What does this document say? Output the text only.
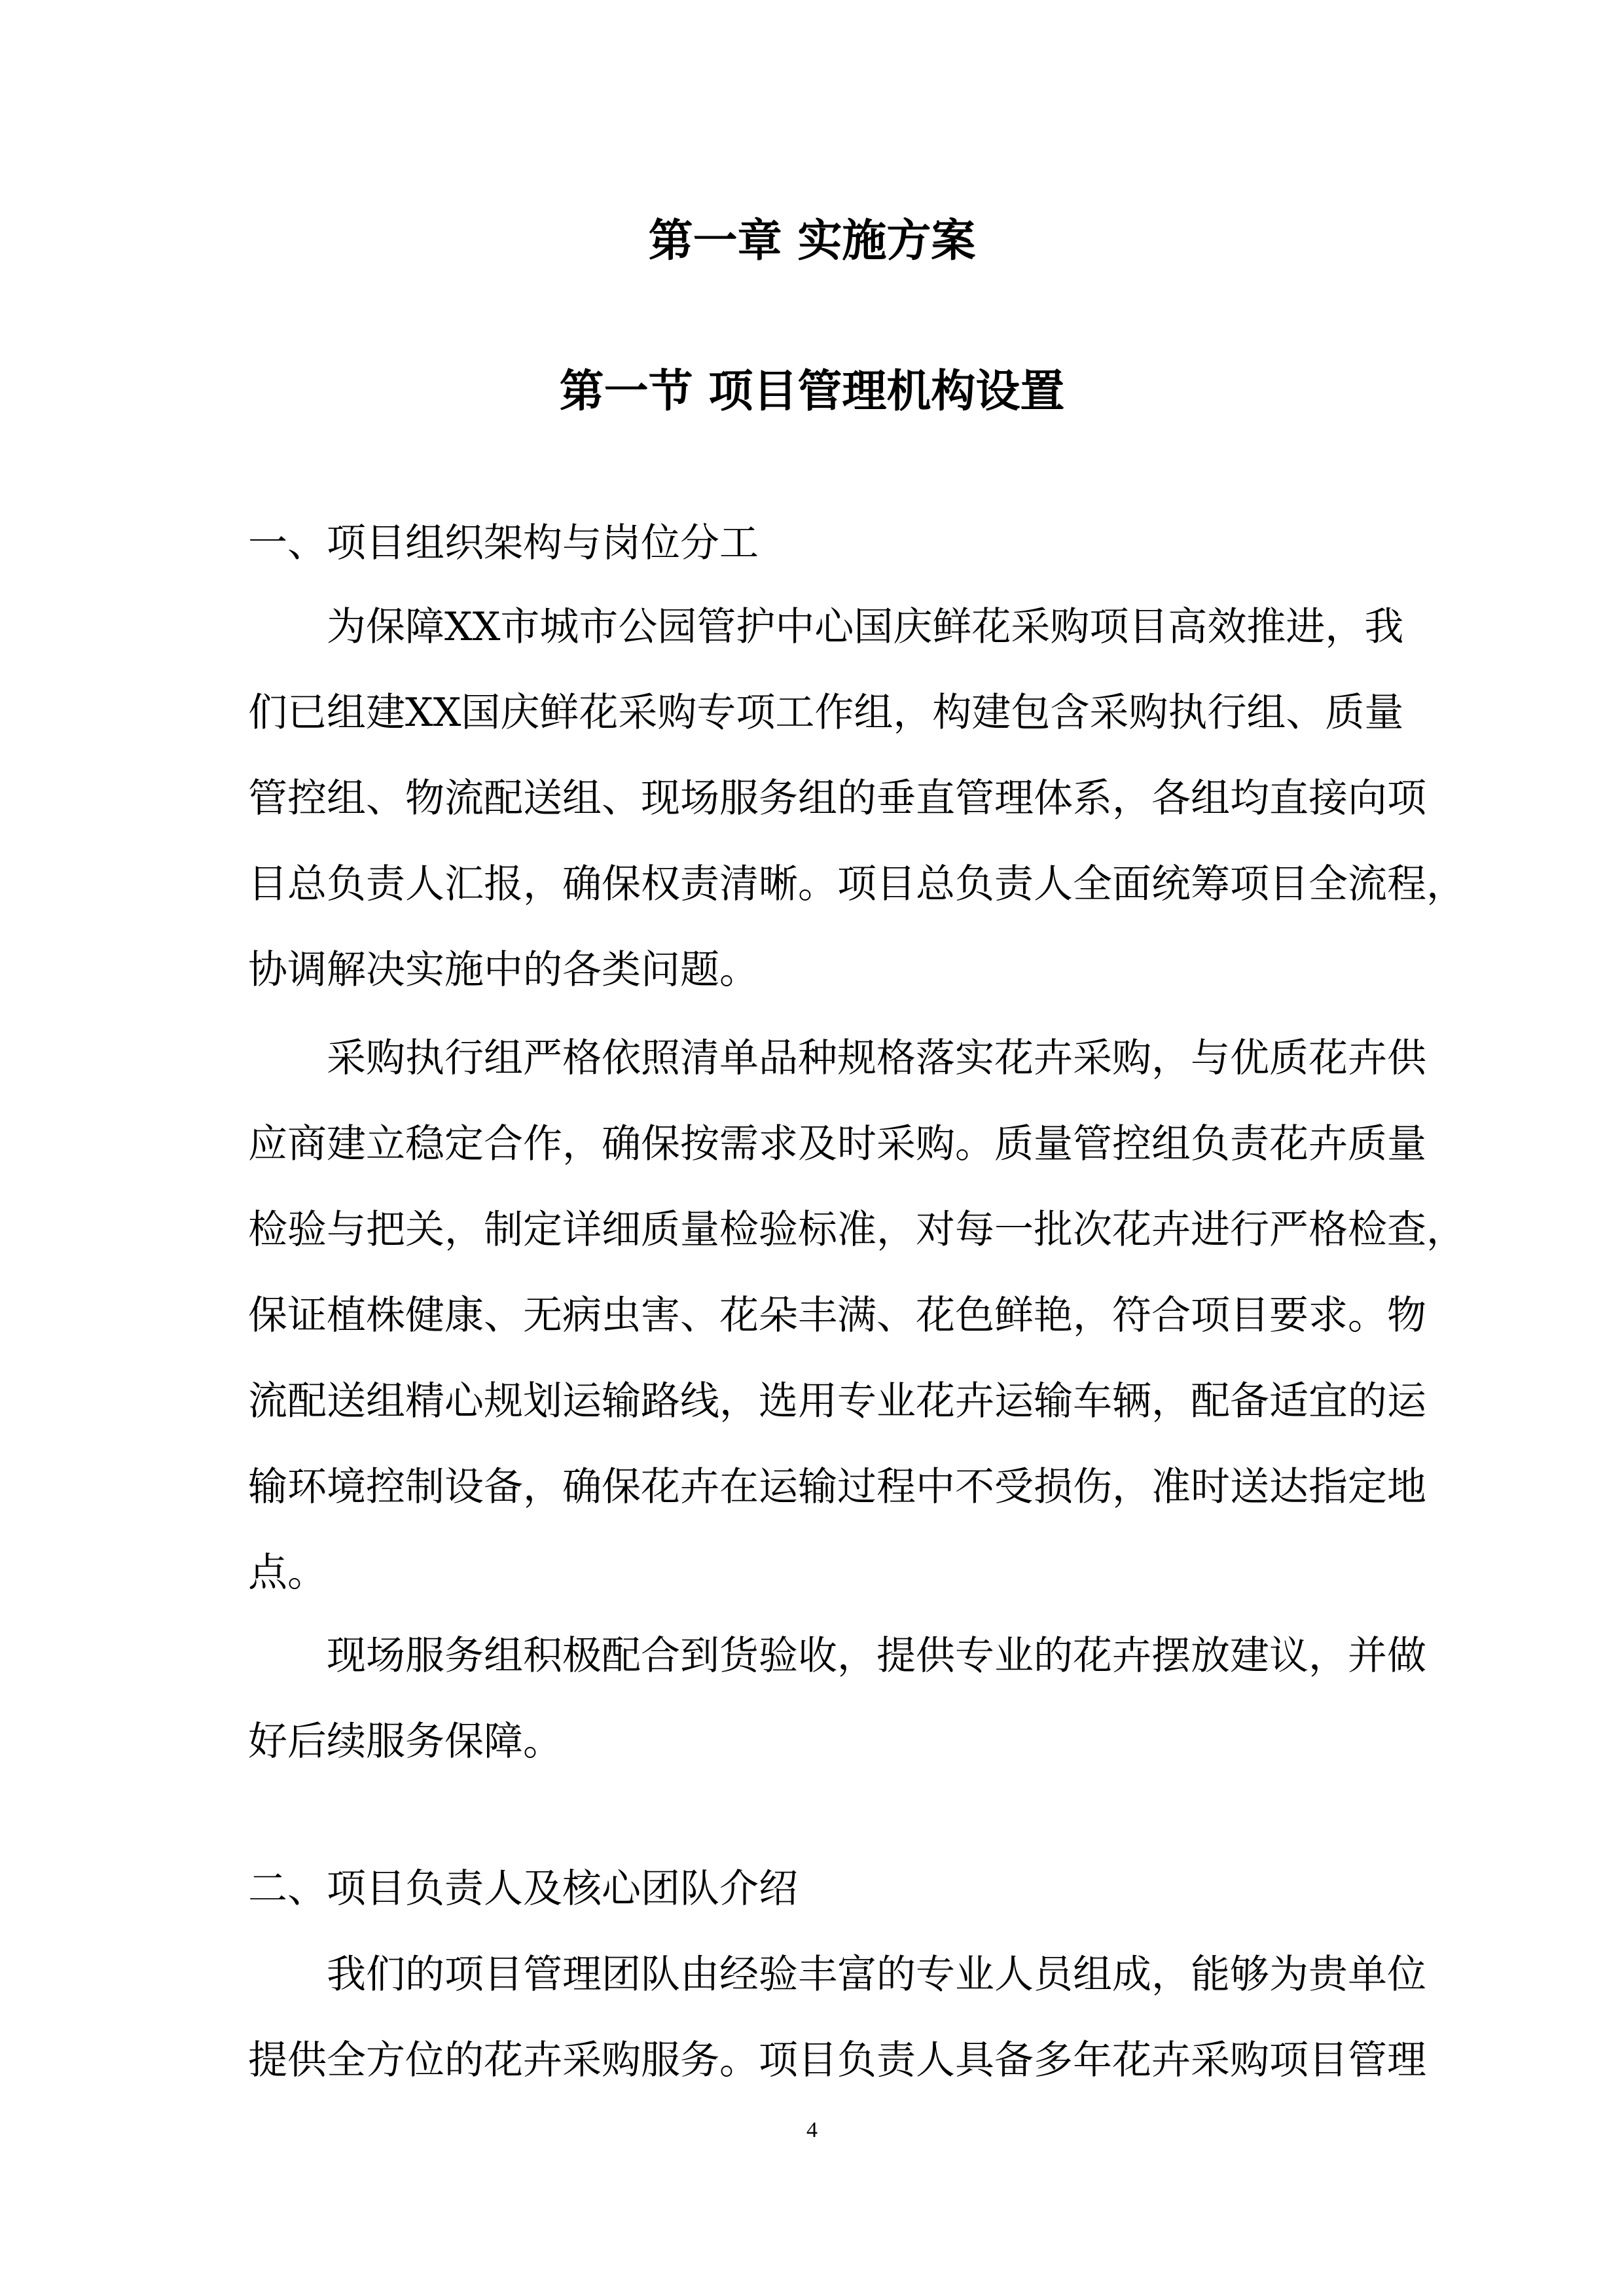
第一章 实施方案
第一节 项目管理机构设置
一、项目组织架构与岗位分工
为保障XX市城市公园管护中心国庆鲜花采购项目高效推进，我
们已组建XX国庆鲜花采购专项工作组，构建包含采购执行组、质量
管控组、物流配送组、现场服务组的垂直管理体系，各组均直接向项
目总负责人汇报，确保权责清晰。项目总负责人全面统筹项目全流程，
协调解决实施中的各类问题。
采购执行组严格依照清单品种规格落实花卉采购，与优质花卉供
应商建立稳定合作，确保按需求及时采购。质量管控组负责花卉质量
检验与把关，制定详细质量检验标准，对每一批次花卉进行严格检查，
保证植株健康、无病虫害、花朵丰满、花色鲜艳，符合项目要求。物
流配送组精心规划运输路线，选用专业花卉运输车辆，配备适宜的运
输环境控制设备，确保花卉在运输过程中不受损伤，准时送达指定地
点。
现场服务组积极配合到货验收，提供专业的花卉摆放建议，并做
好后续服务保障。
二、项目负责人及核心团队介绍
我们的项目管理团队由经验丰富的专业人员组成，能够为贵单位
提供全方位的花卉采购服务。项目负责人具备多年花卉采购项目管理
4
